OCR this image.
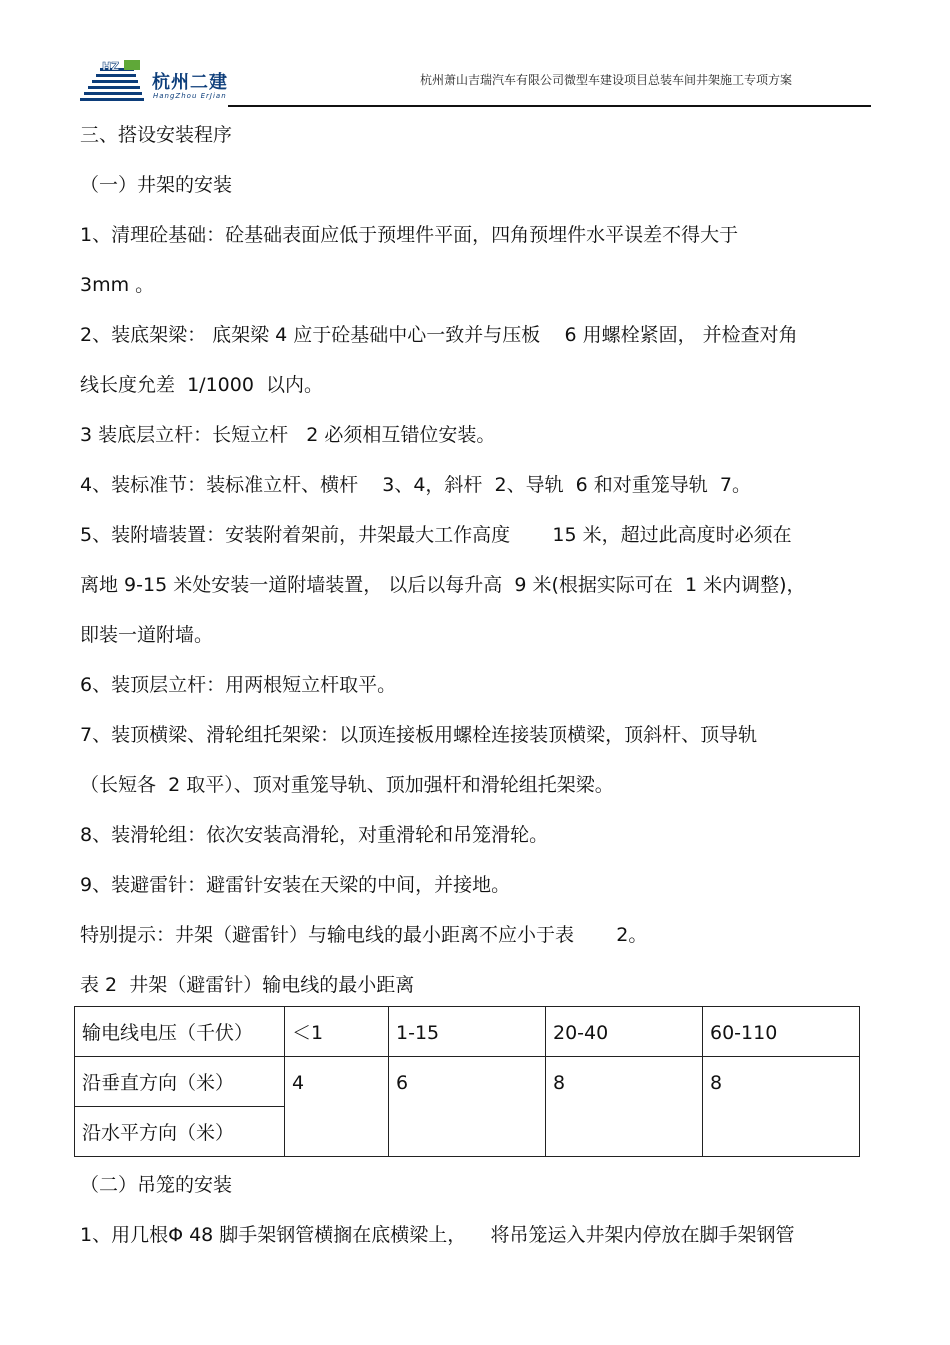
HZ
杭州二建
HangZhou ErJian
杭州萧山吉瑞汽车有限公司微型车建设项目总装车间井架施工专项方案
三、搭设安装程序
（一）井架的安装
1、清理砼基础：砼基础表面应低于预埋件平面，四角预埋件水平误差不得大于
3mm 。
2、装底架梁： 底架梁 4 应于砼基础中心一致并与压板    6 用螺栓紧固， 并检查对角
线长度允差  1/1000  以内。
3 装底层立杆：长短立杆   2 必须相互错位安装。
4、装标准节：装标准立杆、横杆    3、4，斜杆  2、导轨  6 和对重笼导轨  7。
5、装附墙装置：安装附着架前，井架最大工作高度       15 米，超过此高度时必须在
离地 9-15 米处安装一道附墙装置， 以后以每升高  9 米(根据实际可在  1 米内调整)，
即装一道附墙。
6、装顶层立杆：用两根短立杆取平。
7、装顶横梁、滑轮组托架梁：以顶连接板用螺栓连接装顶横梁，顶斜杆、顶导轨
（长短各  2 取平）、顶对重笼导轨、顶加强杆和滑轮组托架梁。
8、装滑轮组：依次安装高滑轮，对重滑轮和吊笼滑轮。
9、装避雷针：避雷针安装在天梁的中间，并接地。
特别提示：井架（避雷针）与输电线的最小距离不应小于表       2。
表 2  井架（避雷针）输电线的最小距离
输电线电压（千伏）	＜1	1-15	20-40	60-110
沿垂直方向（米）	4	6	8	8
沿水平方向（米）				
（二）吊笼的安装
1、用几根Φ 48 脚手架钢管横搁在底横梁上，    将吊笼运入井架内停放在脚手架钢管
